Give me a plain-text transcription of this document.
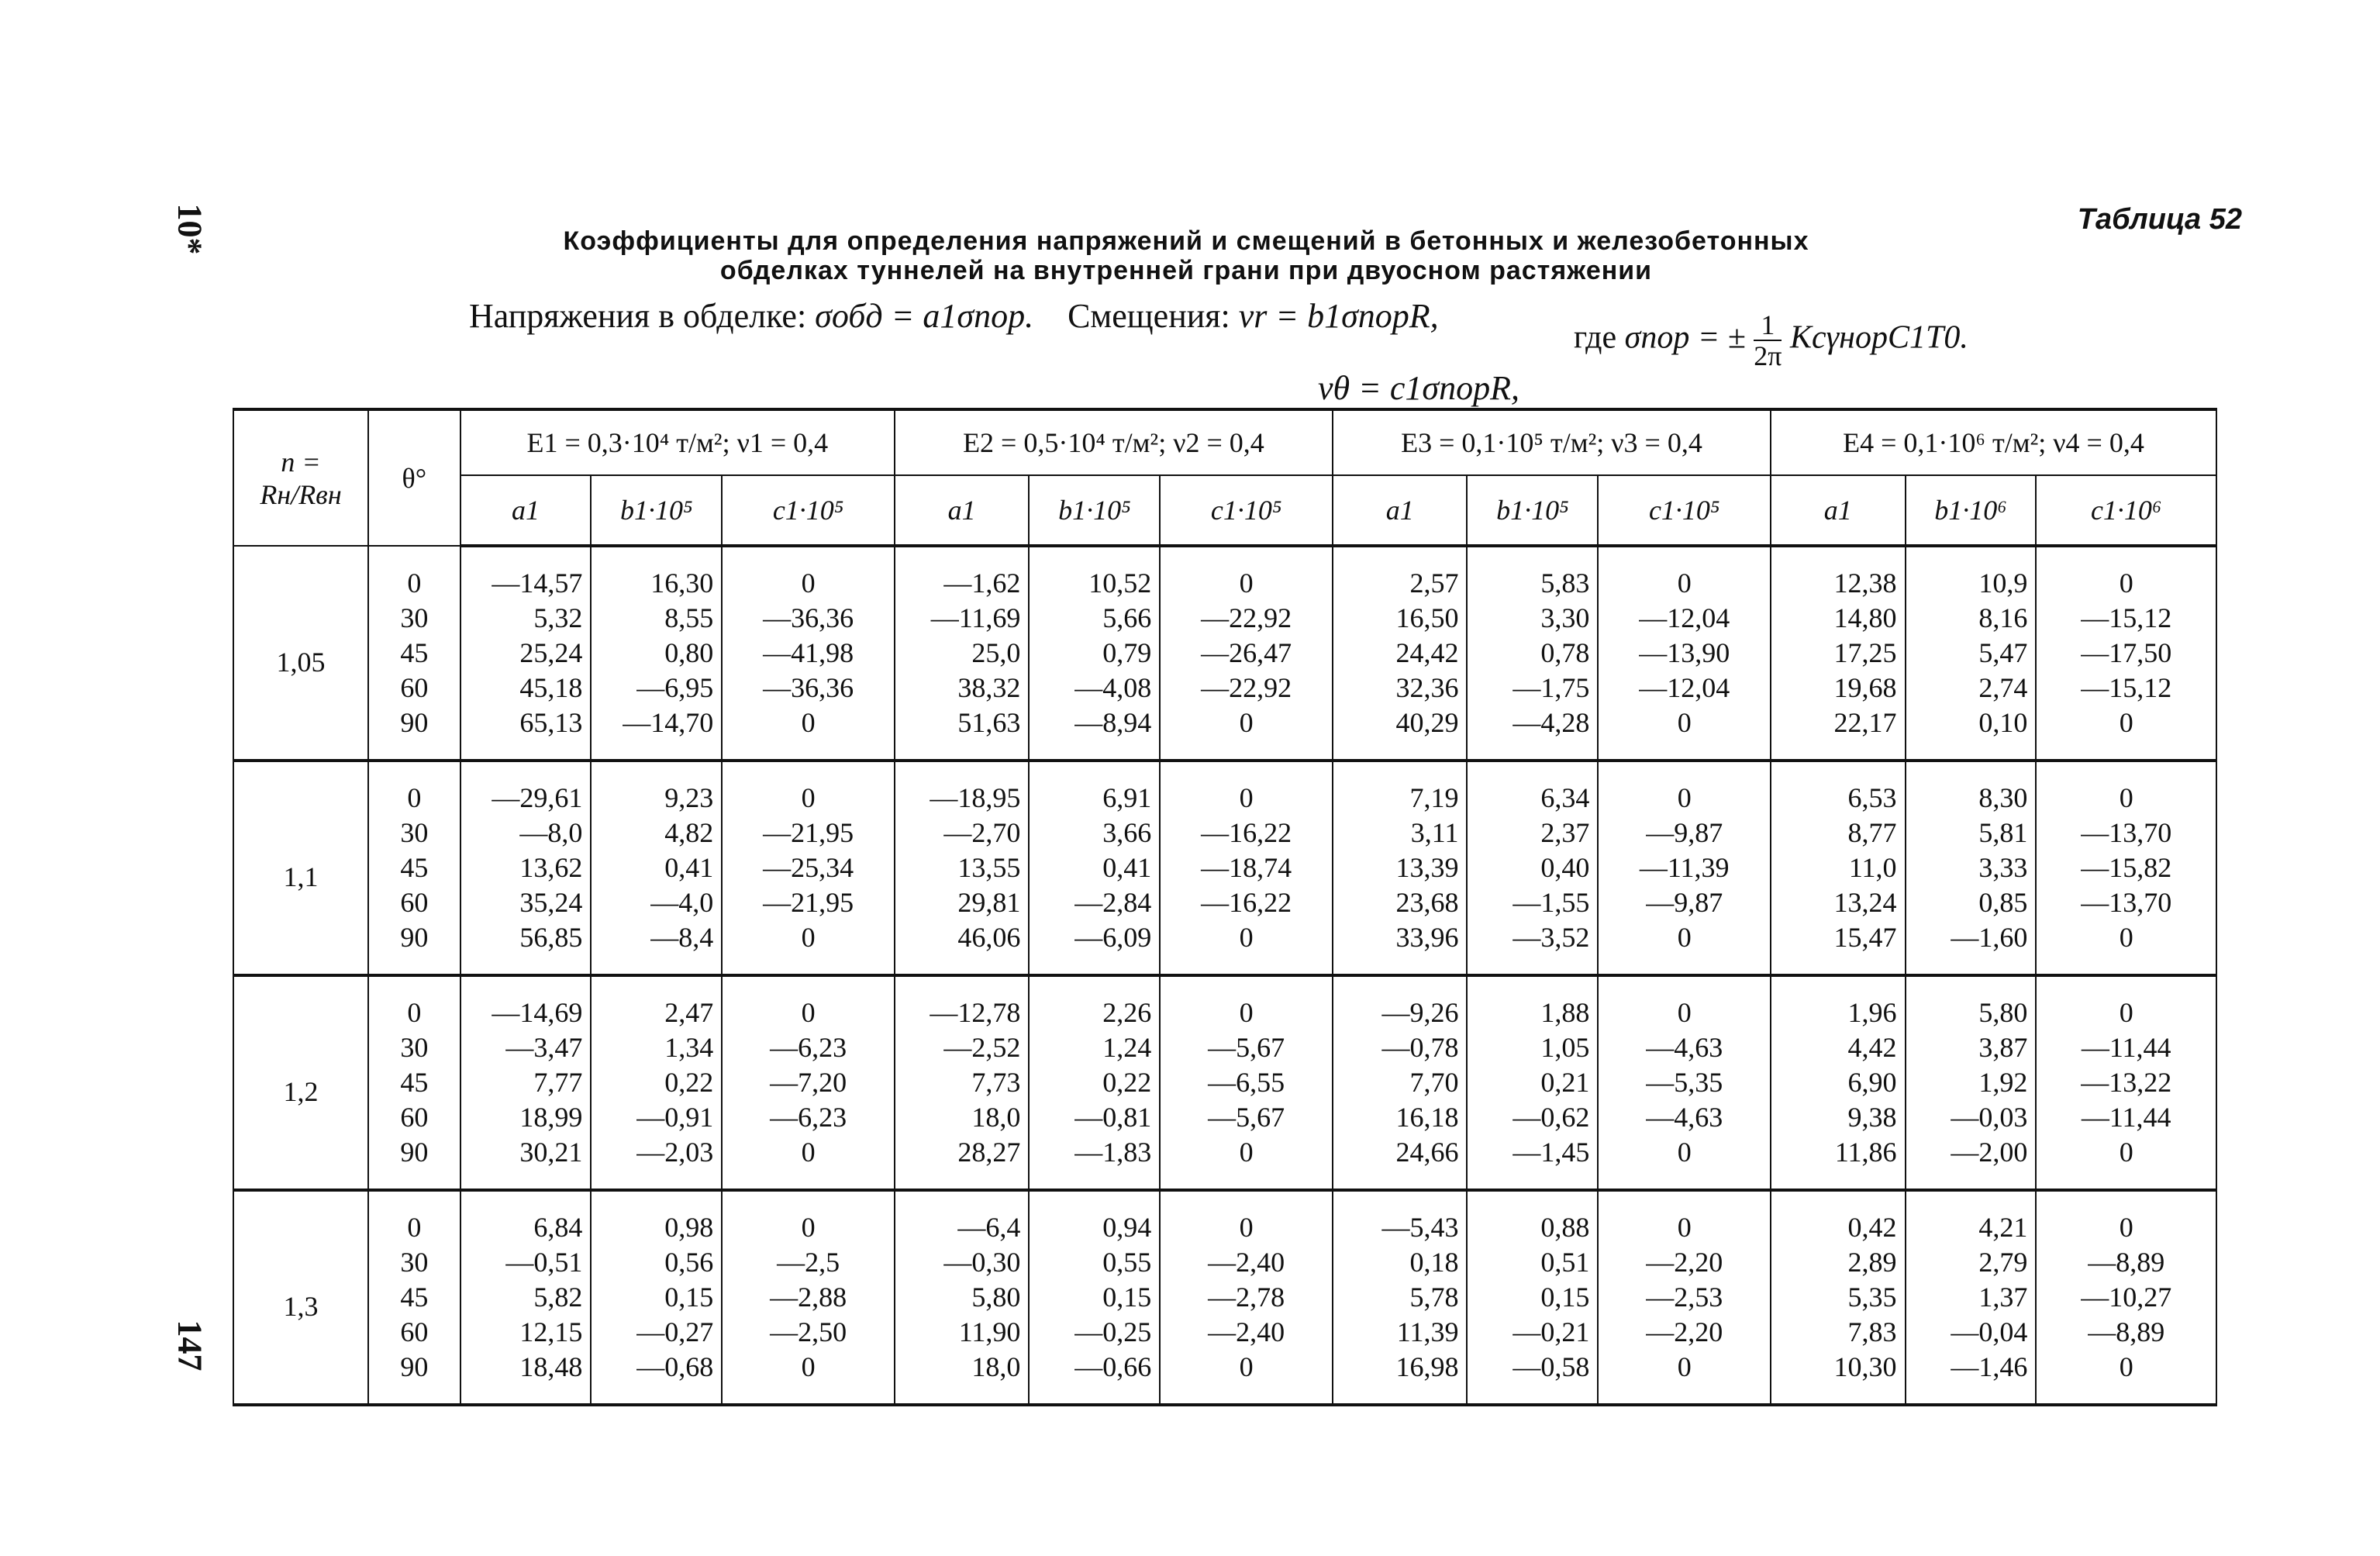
10*
147
Таблица 52
Коэффициенты для определения напряжений и смещений в бетонных и железобетонных
обделках туннелей на внутренней грани при двуосном растяжении
Напряжения в обделке: σобд = a1σпор. Смещения: vr = b1σпорR,
vθ = c1σпорR,
где σпор = ± $\frac{1}{2\pi}$ KcγнорC1T0.
n = Rн/Rвн	θ°	E1 = 0,3·10⁴ т/м²; ν1 = 0,4			E2 = 0,5·10⁴ т/м²; ν2 = 0,4			E3 = 0,1·10⁵ т/м²; ν3 = 0,4			E4 = 0,1·10⁶ т/м²; ν4 = 0,4		
		a1	b1·10⁵	c1·10⁵	a1	b1·10⁵	c1·10⁵	a1	b1·10⁵	c1·10⁵	a1	b1·10⁶	c1·10⁶
1,05	0	—14,57	16,30	0	—1,62	10,52	0	2,57	5,83	0	12,38	10,9	0
	30	5,32	8,55	—36,36	—11,69	5,66	—22,92	16,50	3,30	—12,04	14,80	8,16	—15,12
	45	25,24	0,80	—41,98	25,0	0,79	—26,47	24,42	0,78	—13,90	17,25	5,47	—17,50
	60	45,18	—6,95	—36,36	38,32	—4,08	—22,92	32,36	—1,75	—12,04	19,68	2,74	—15,12
	90	65,13	—14,70	0	51,63	—8,94	0	40,29	—4,28	0	22,17	0,10	0
1,1	0	—29,61	9,23	0	—18,95	6,91	0	7,19	6,34	0	6,53	8,30	0
	30	—8,0	4,82	—21,95	—2,70	3,66	—16,22	3,11	2,37	—9,87	8,77	5,81	—13,70
	45	13,62	0,41	—25,34	13,55	0,41	—18,74	13,39	0,40	—11,39	11,0	3,33	—15,82
	60	35,24	—4,0	—21,95	29,81	—2,84	—16,22	23,68	—1,55	—9,87	13,24	0,85	—13,70
	90	56,85	—8,4	0	46,06	—6,09	0	33,96	—3,52	0	15,47	—1,60	0
1,2	0	—14,69	2,47	0	—12,78	2,26	0	—9,26	1,88	0	1,96	5,80	0
	30	—3,47	1,34	—6,23	—2,52	1,24	—5,67	—0,78	1,05	—4,63	4,42	3,87	—11,44
	45	7,77	0,22	—7,20	7,73	0,22	—6,55	7,70	0,21	—5,35	6,90	1,92	—13,22
	60	18,99	—0,91	—6,23	18,0	—0,81	—5,67	16,18	—0,62	—4,63	9,38	—0,03	—11,44
	90	30,21	—2,03	0	28,27	—1,83	0	24,66	—1,45	0	11,86	—2,00	0
1,3	0	6,84	0,98	0	—6,4	0,94	0	—5,43	0,88	0	0,42	4,21	0
	30	—0,51	0,56	—2,5	—0,30	0,55	—2,40	0,18	0,51	—2,20	2,89	2,79	—8,89
	45	5,82	0,15	—2,88	5,80	0,15	—2,78	5,78	0,15	—2,53	5,35	1,37	—10,27
	60	12,15	—0,27	—2,50	11,90	—0,25	—2,40	11,39	—0,21	—2,20	7,83	—0,04	—8,89
	90	18,48	—0,68	0	18,0	—0,66	0	16,98	—0,58	0	10,30	—1,46	0
